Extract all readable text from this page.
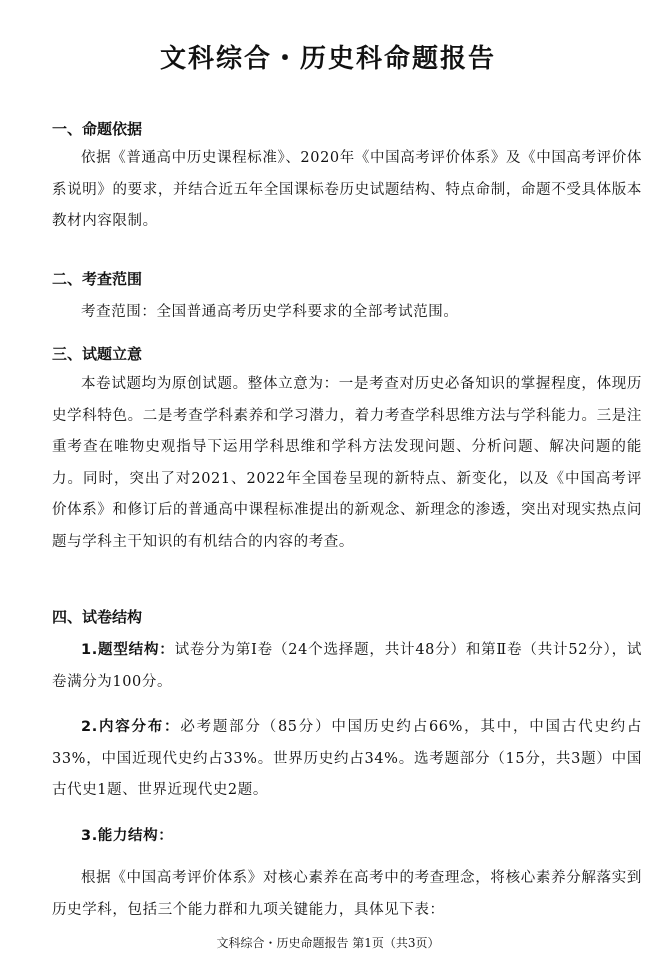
文科综合・历史科命题报告
一、命题依据

依据《普通高中历史课程标准》、2020年《中国高考评价体系》及《中国高考评价体系说明》的要求，并结合近五年全国课标卷历史试题结构、特点命制，命题不受具体版本教材内容限制。

二、考查范围

考查范围：全国普通高考历史学科要求的全部考试范围。

三、试题立意

本卷试题均为原创试题。整体立意为：一是考查对历史必备知识的掌握程度，体现历史学科特色。二是考查学科素养和学习潜力，着力考查学科思维方法与学科能力。三是注重考查在唯物史观指导下运用学科思维和学科方法发现问题、分析问题、解决问题的能力。同时，突出了对2021、2022年全国卷呈现的新特点、新变化，以及《中国高考评价体系》和修订后的普通高中课程标准提出的新观念、新理念的渗透，突出对现实热点问题与学科主干知识的有机结合的内容的考查。

四、试卷结构

1.题型结构：试卷分为第Ⅰ卷（24个选择题，共计48分）和第Ⅱ卷（共计52分），试卷满分为100分。

2.内容分布：必考题部分（85分）中国历史约占66%，其中，中国古代史约占33%，中国近现代史约占33%。世界历史约占34%。选考题部分（15分，共3题）中国古代史1题、世界近现代史2题。

3.能力结构：

根据《中国高考评价体系》对核心素养在高考中的考查理念，将核心素养分解落实到历史学科，包括三个能力群和九项关键能力，具体见下表：

文科综合・历史命题报告 第1页（共3页）
